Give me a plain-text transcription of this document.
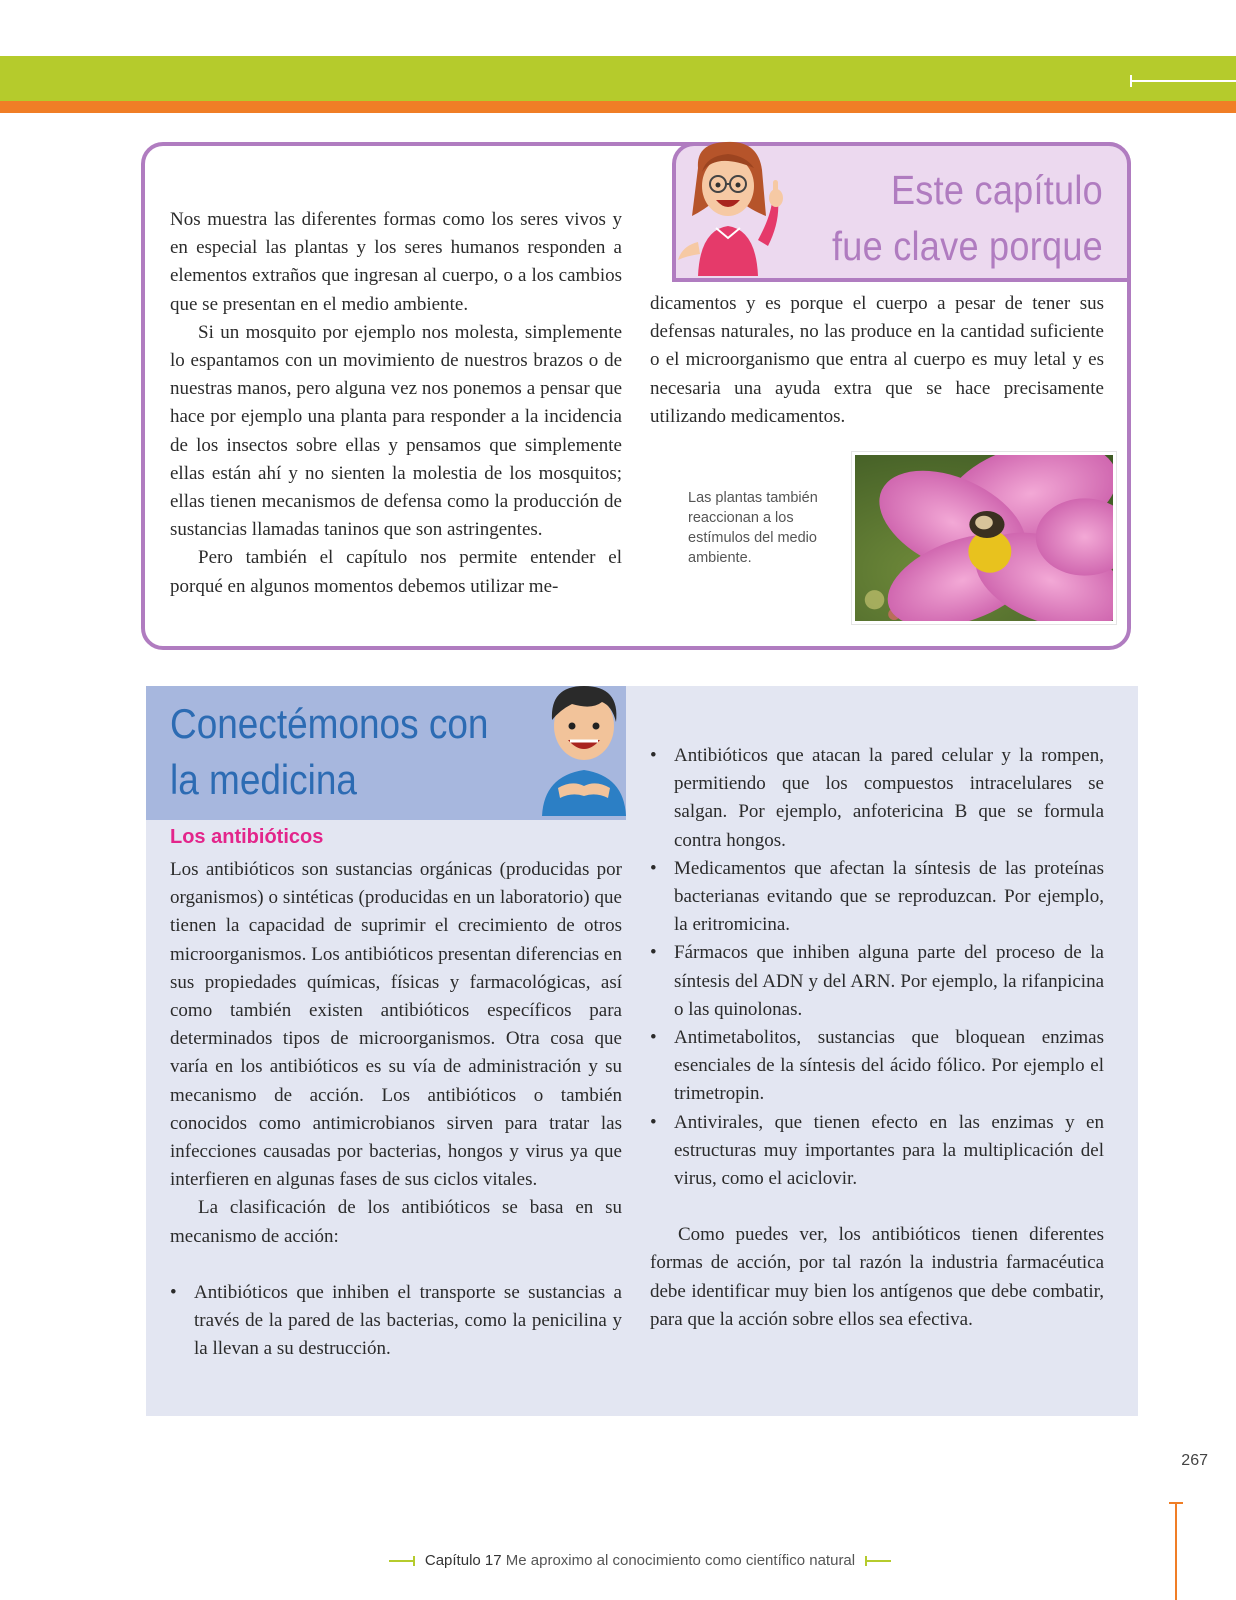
Este capítulo
fue clave porque

Nos muestra las diferentes formas como los seres vivos y en especial las plantas y los seres humanos responden a elementos extraños que ingresan al cuerpo, o a los cambios que se presentan en el medio ambiente.

Si un mosquito por ejemplo nos molesta, simplemente lo espantamos con un movimiento de nuestros brazos o de nuestras manos, pero alguna vez nos ponemos a pensar que hace por ejemplo una planta para responder a la incidencia de los insectos sobre ellas y pensamos que simplemente ellas están ahí y no sienten la molestia de los mosquitos; ellas tienen mecanismos de defensa como la producción de sustancias llamadas taninos que son astringentes.

Pero también el capítulo nos permite entender el porqué en algunos momentos debemos utilizar me-

dicamentos y es porque el cuerpo a pesar de tener sus defensas naturales, no las produce en la cantidad suficiente o el microorganismo que entra al cuerpo es muy letal y es necesaria una ayuda extra que se hace precisamente utilizando medicamentos.

Las plantas también reaccionan a los estímulos del medio ambiente.
Conectémonos con
la medicina
Los antibióticos

Los antibióticos son sustancias orgánicas (producidas por organismos) o sintéticas (producidas en un laboratorio) que tienen la capacidad de suprimir el crecimiento de otros microorganismos. Los antibióticos presentan diferencias en sus propiedades químicas, físicas y farmacológicas, así como también existen antibióticos específicos para determinados tipos de microorganismos. Otra cosa que varía en los antibióticos es su vía de administración y su mecanismo de acción. Los antibióticos o también conocidos como antimicrobianos sirven para tratar las infecciones causadas por bacterias, hongos y virus ya que interfieren en algunas fases de sus ciclos vitales.

La clasificación de los antibióticos se basa en su mecanismo de acción:

• Antibióticos que inhiben el transporte se sustancias a través de la pared de las bacterias, como la penicilina y la llevan a su destrucción.
• Antibióticos que atacan la pared celular y la rompen, permitiendo que los compuestos intracelulares se salgan. Por ejemplo, anfotericina B que se formula contra hongos.
• Medicamentos que afectan la síntesis de las proteínas bacterianas evitando que se reproduzcan. Por ejemplo, la eritromicina.
• Fármacos que inhiben alguna parte del proceso de la síntesis del ADN y del ARN. Por ejemplo, la rifanpicina o las quinolonas.
• Antimetabolitos, sustancias que bloquean enzimas esenciales de la síntesis del ácido fólico. Por ejemplo el trimetropin.
• Antivirales, que tienen efecto en las enzimas y en estructuras muy importantes para la multiplicación del virus, como el aciclovir.

Como puedes ver, los antibióticos tienen diferentes formas de acción, por tal razón la industria farmacéutica debe identificar muy bien los antígenos que debe combatir, para que la acción sobre ellos sea efectiva.

267
Capítulo 17 Me aproximo al conocimiento como científico natural
